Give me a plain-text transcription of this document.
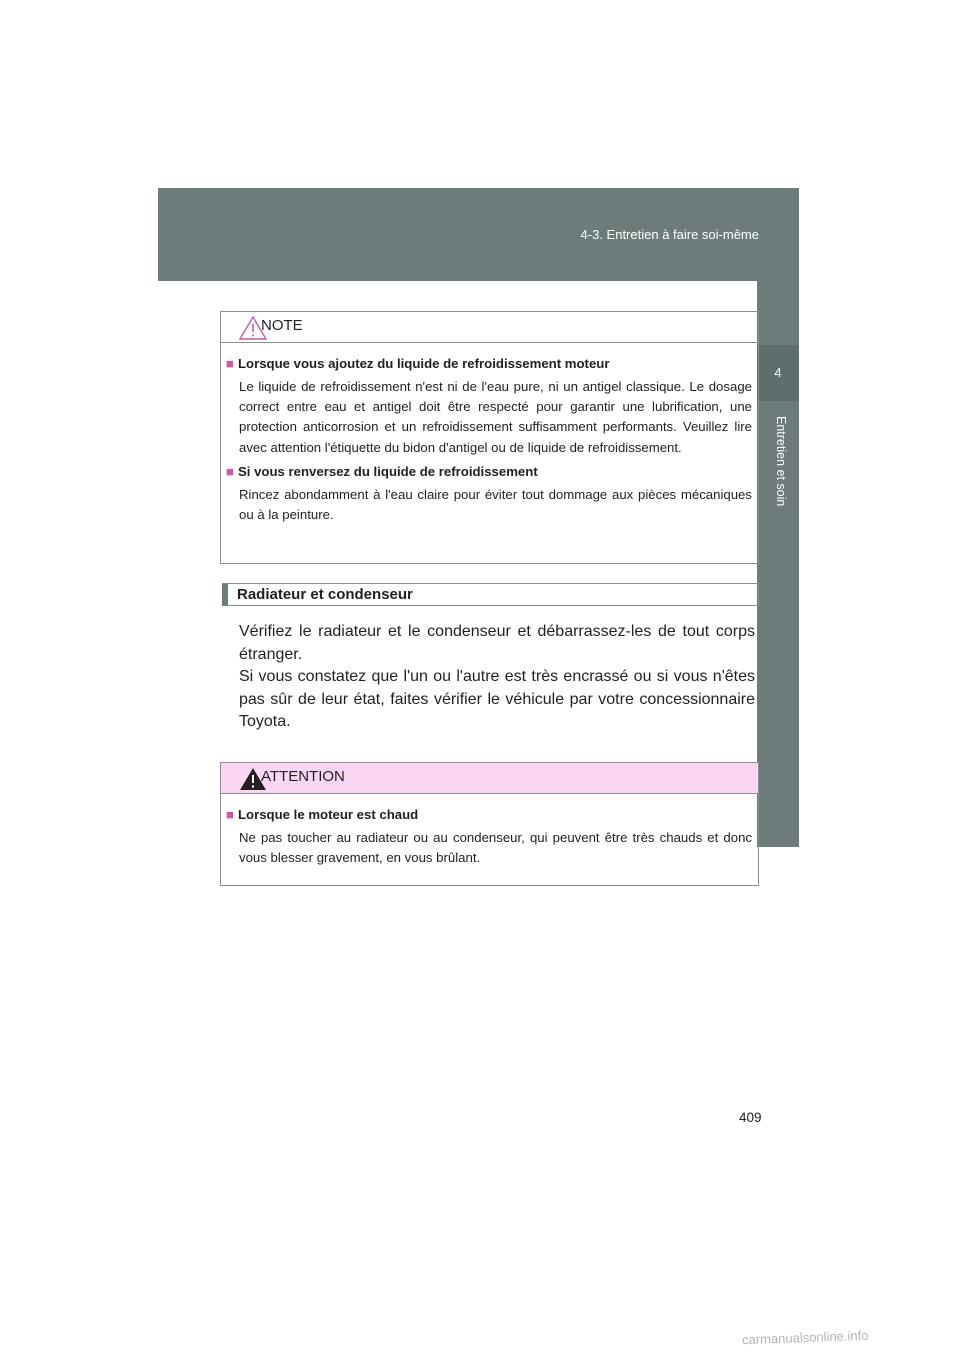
4-3. Entretien à faire soi-même
4
Entretien et soin
NOTE
■ Lorsque vous ajoutez du liquide de refroidissement moteur
Le liquide de refroidissement n'est ni de l'eau pure, ni un antigel classique. Le dosage correct entre eau et antigel doit être respecté pour garantir une lubrification, une protection anticorrosion et un refroidissement suffisamment performants. Veuillez lire avec attention l'étiquette du bidon d'antigel ou de liquide de refroidissement.
■ Si vous renversez du liquide de refroidissement
Rincez abondamment à l'eau claire pour éviter tout dommage aux pièces mécaniques ou à la peinture.
Radiateur et condenseur
Vérifiez le radiateur et le condenseur et débarrassez-les de tout corps étranger.
Si vous constatez que l'un ou l'autre est très encrassé ou si vous n'êtes pas sûr de leur état, faites vérifier le véhicule par votre concessionnaire Toyota.
ATTENTION
■ Lorsque le moteur est chaud
Ne pas toucher au radiateur ou au condenseur, qui peuvent être très chauds et donc vous blesser gravement, en vous brûlant.
409
carmanualsonline.info
